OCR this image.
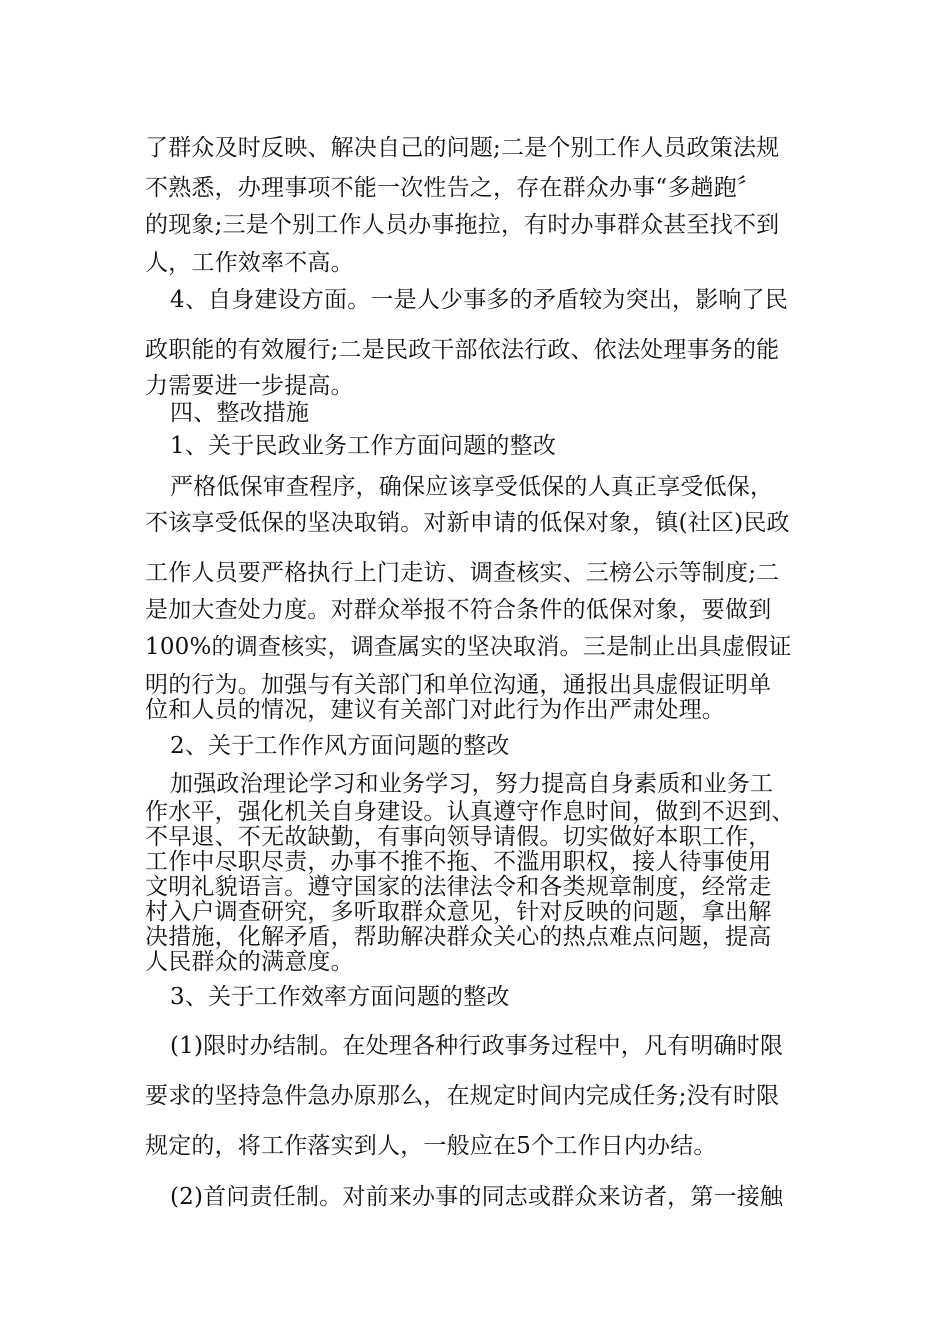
了群众及时反映、解决自己的问题;二是个别工作人员政策法规
不熟悉，办理事项不能一次性告之，存在群众办事“多趟跑〞
的现象;三是个别工作人员办事拖拉，有时办事群众甚至找不到
人，工作效率不高。
4、自身建设方面。一是人少事多的矛盾较为突出，影响了民
政职能的有效履行;二是民政干部依法行政、依法处理事务的能
力需要进一步提高。
四、整改措施
1、关于民政业务工作方面问题的整改
严格低保审查程序，确保应该享受低保的人真正享受低保，
不该享受低保的坚决取销。对新申请的低保对象，镇(社区)民政
工作人员要严格执行上门走访、调查核实、三榜公示等制度;二
是加大查处力度。对群众举报不符合条件的低保对象，要做到
100%的调查核实，调查属实的坚决取消。三是制止出具虚假证
明的行为。加强与有关部门和单位沟通，通报出具虚假证明单
位和人员的情况，建议有关部门对此行为作出严肃处理。
2、关于工作作风方面问题的整改
加强政治理论学习和业务学习，努力提高自身素质和业务工
作水平，强化机关自身建设。认真遵守作息时间，做到不迟到、
不早退、不无故缺勤，有事向领导请假。切实做好本职工作，
工作中尽职尽责，办事不推不拖、不滥用职权，接人待事使用
文明礼貌语言。遵守国家的法律法令和各类规章制度，经常走
村入户调查研究，多听取群众意见，针对反映的问题，拿出解
决措施，化解矛盾，帮助解决群众关心的热点难点问题，提高
人民群众的满意度。
3、关于工作效率方面问题的整改
(1)限时办结制。在处理各种行政事务过程中，凡有明确时限
要求的坚持急件急办原那么，在规定时间内完成任务;没有时限
规定的，将工作落实到人，一般应在5个工作日内办结。
(2)首问责任制。对前来办事的同志或群众来访者，第一接触
